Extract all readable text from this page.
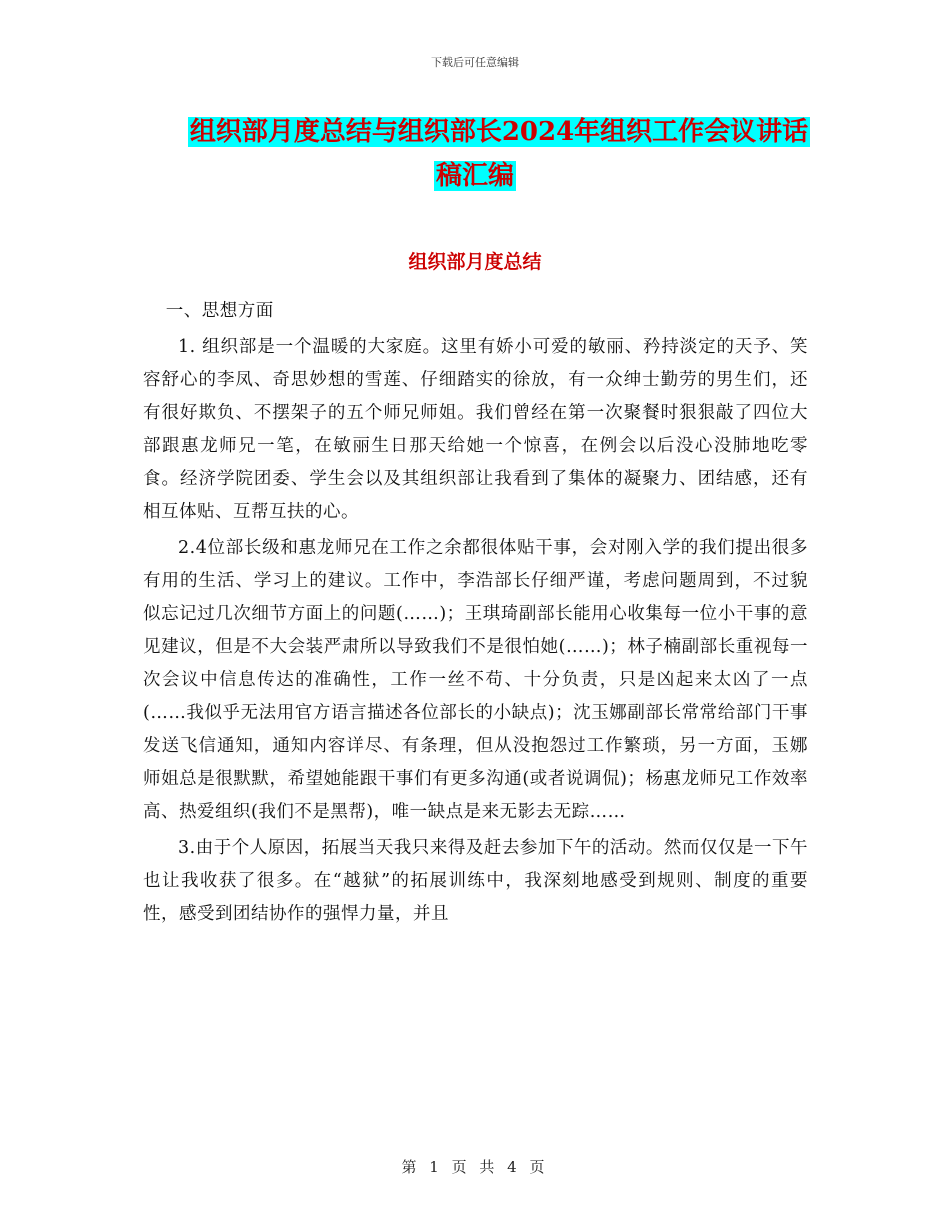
下载后可任意编辑
组织部月度总结与组织部长2024年组织工作会议讲话
稿汇编
组织部月度总结

一、思想方面

1. 组织部是一个温暖的大家庭。这里有娇小可爱的敏丽、矜持淡定的天予、笑容舒心的李凤、奇思妙想的雪莲、仔细踏实的徐放，有一众绅士勤劳的男生们，还有很好欺负、不摆架子的五个师兄师姐。我们曾经在第一次聚餐时狠狠敲了四位大部跟惠龙师兄一笔，在敏丽生日那天给她一个惊喜，在例会以后没心没肺地吃零食。经济学院团委、学生会以及其组织部让我看到了集体的凝聚力、团结感，还有相互体贴、互帮互扶的心。

2.4位部长级和惠龙师兄在工作之余都很体贴干事，会对刚入学的我们提出很多有用的生活、学习上的建议。工作中，李浩部长仔细严谨，考虑问题周到，不过貌似忘记过几次细节方面上的问题(……)；王琪琦副部长能用心收集每一位小干事的意见建议，但是不大会装严肃所以导致我们不是很怕她(……)；林子楠副部长重视每一次会议中信息传达的准确性，工作一丝不苟、十分负责，只是凶起来太凶了一点(……我似乎无法用官方语言描述各位部长的小缺点)；沈玉娜副部长常常给部门干事发送飞信通知，通知内容详尽、有条理，但从没抱怨过工作繁琐，另一方面，玉娜师姐总是很默默，希望她能跟干事们有更多沟通(或者说调侃)；杨惠龙师兄工作效率高、热爱组织(我们不是黑帮)，唯一缺点是来无影去无踪……

3.由于个人原因，拓展当天我只来得及赶去参加下午的活动。然而仅仅是一下午也让我收获了很多。在“越狱”的拓展训练中，我深刻地感受到规则、制度的重要性，感受到团结协作的强悍力量，并且

第 1 页 共 4 页
